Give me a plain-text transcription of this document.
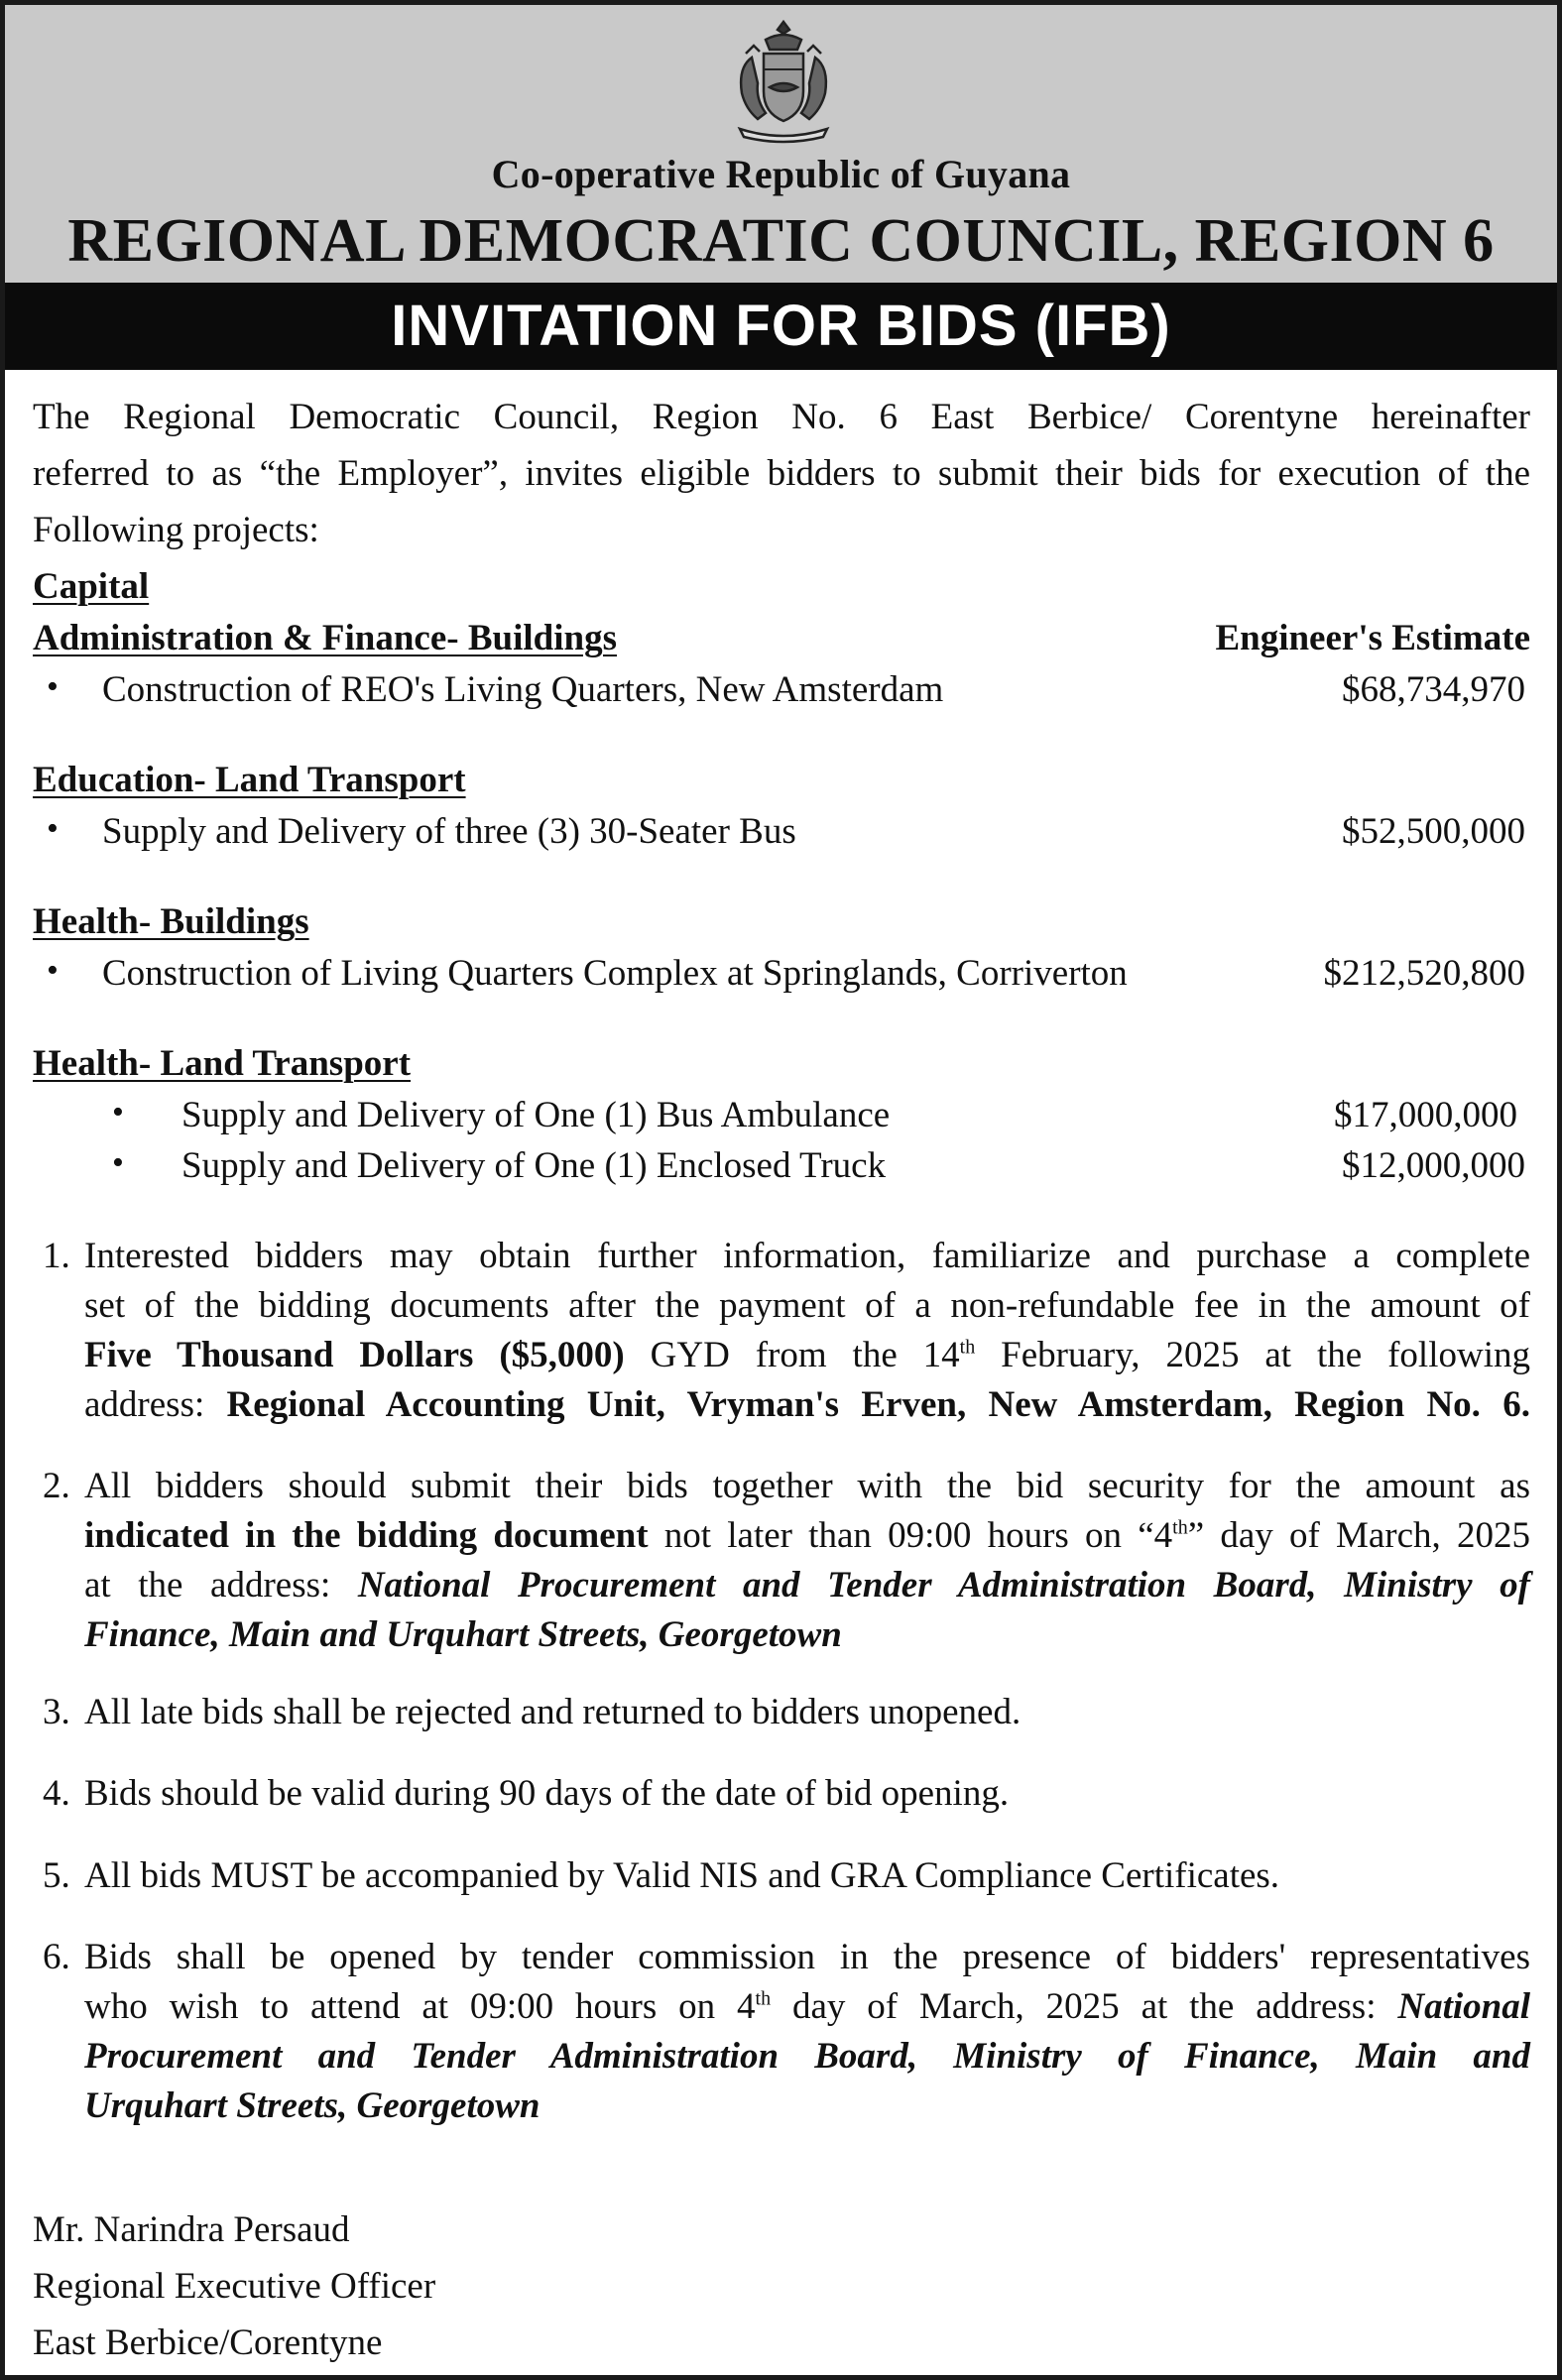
Co-operative Republic of Guyana
REGIONAL DEMOCRATIC COUNCIL, REGION 6
INVITATION FOR BIDS (IFB)
The Regional Democratic Council, Region No. 6 East Berbice/ Corentyne hereinafter
referred to as “the Employer”, invites eligible bidders to submit their bids for execution of the
Following projects:
Capital
Administration & Finance- Buildings	Engineer's Estimate
• Construction of REO's Living Quarters, New Amsterdam	$68,734,970
Education- Land Transport
• Supply and Delivery of three (3) 30-Seater Bus	$52,500,000
Health- Buildings
• Construction of Living Quarters Complex at Springlands, Corriverton	$212,520,800
Health- Land Transport
• Supply and Delivery of One (1) Bus Ambulance	$17,000,000
• Supply and Delivery of One (1) Enclosed Truck	$12,000,000
1. Interested bidders may obtain further information, familiarize and purchase a complete
set of the bidding documents after the payment of a non-refundable fee in the amount of
Five Thousand Dollars ($5,000) GYD from the 14th February, 2025 at the following
address: Regional Accounting Unit, Vryman's Erven, New Amsterdam, Region No. 6.
2. All bidders should submit their bids together with the bid security for the amount as
indicated in the bidding document not later than 09:00 hours on “4th” day of March, 2025
at the address: National Procurement and Tender Administration Board, Ministry of
Finance, Main and Urquhart Streets, Georgetown
3. All late bids shall be rejected and returned to bidders unopened.
4. Bids should be valid during 90 days of the date of bid opening.
5. All bids MUST be accompanied by Valid NIS and GRA Compliance Certificates.
6. Bids shall be opened by tender commission in the presence of bidders' representatives
who wish to attend at 09:00 hours on 4th day of March, 2025 at the address: National
Procurement and Tender Administration Board, Ministry of Finance, Main and
Urquhart Streets, Georgetown
Mr. Narindra Persaud
Regional Executive Officer
East Berbice/Corentyne
